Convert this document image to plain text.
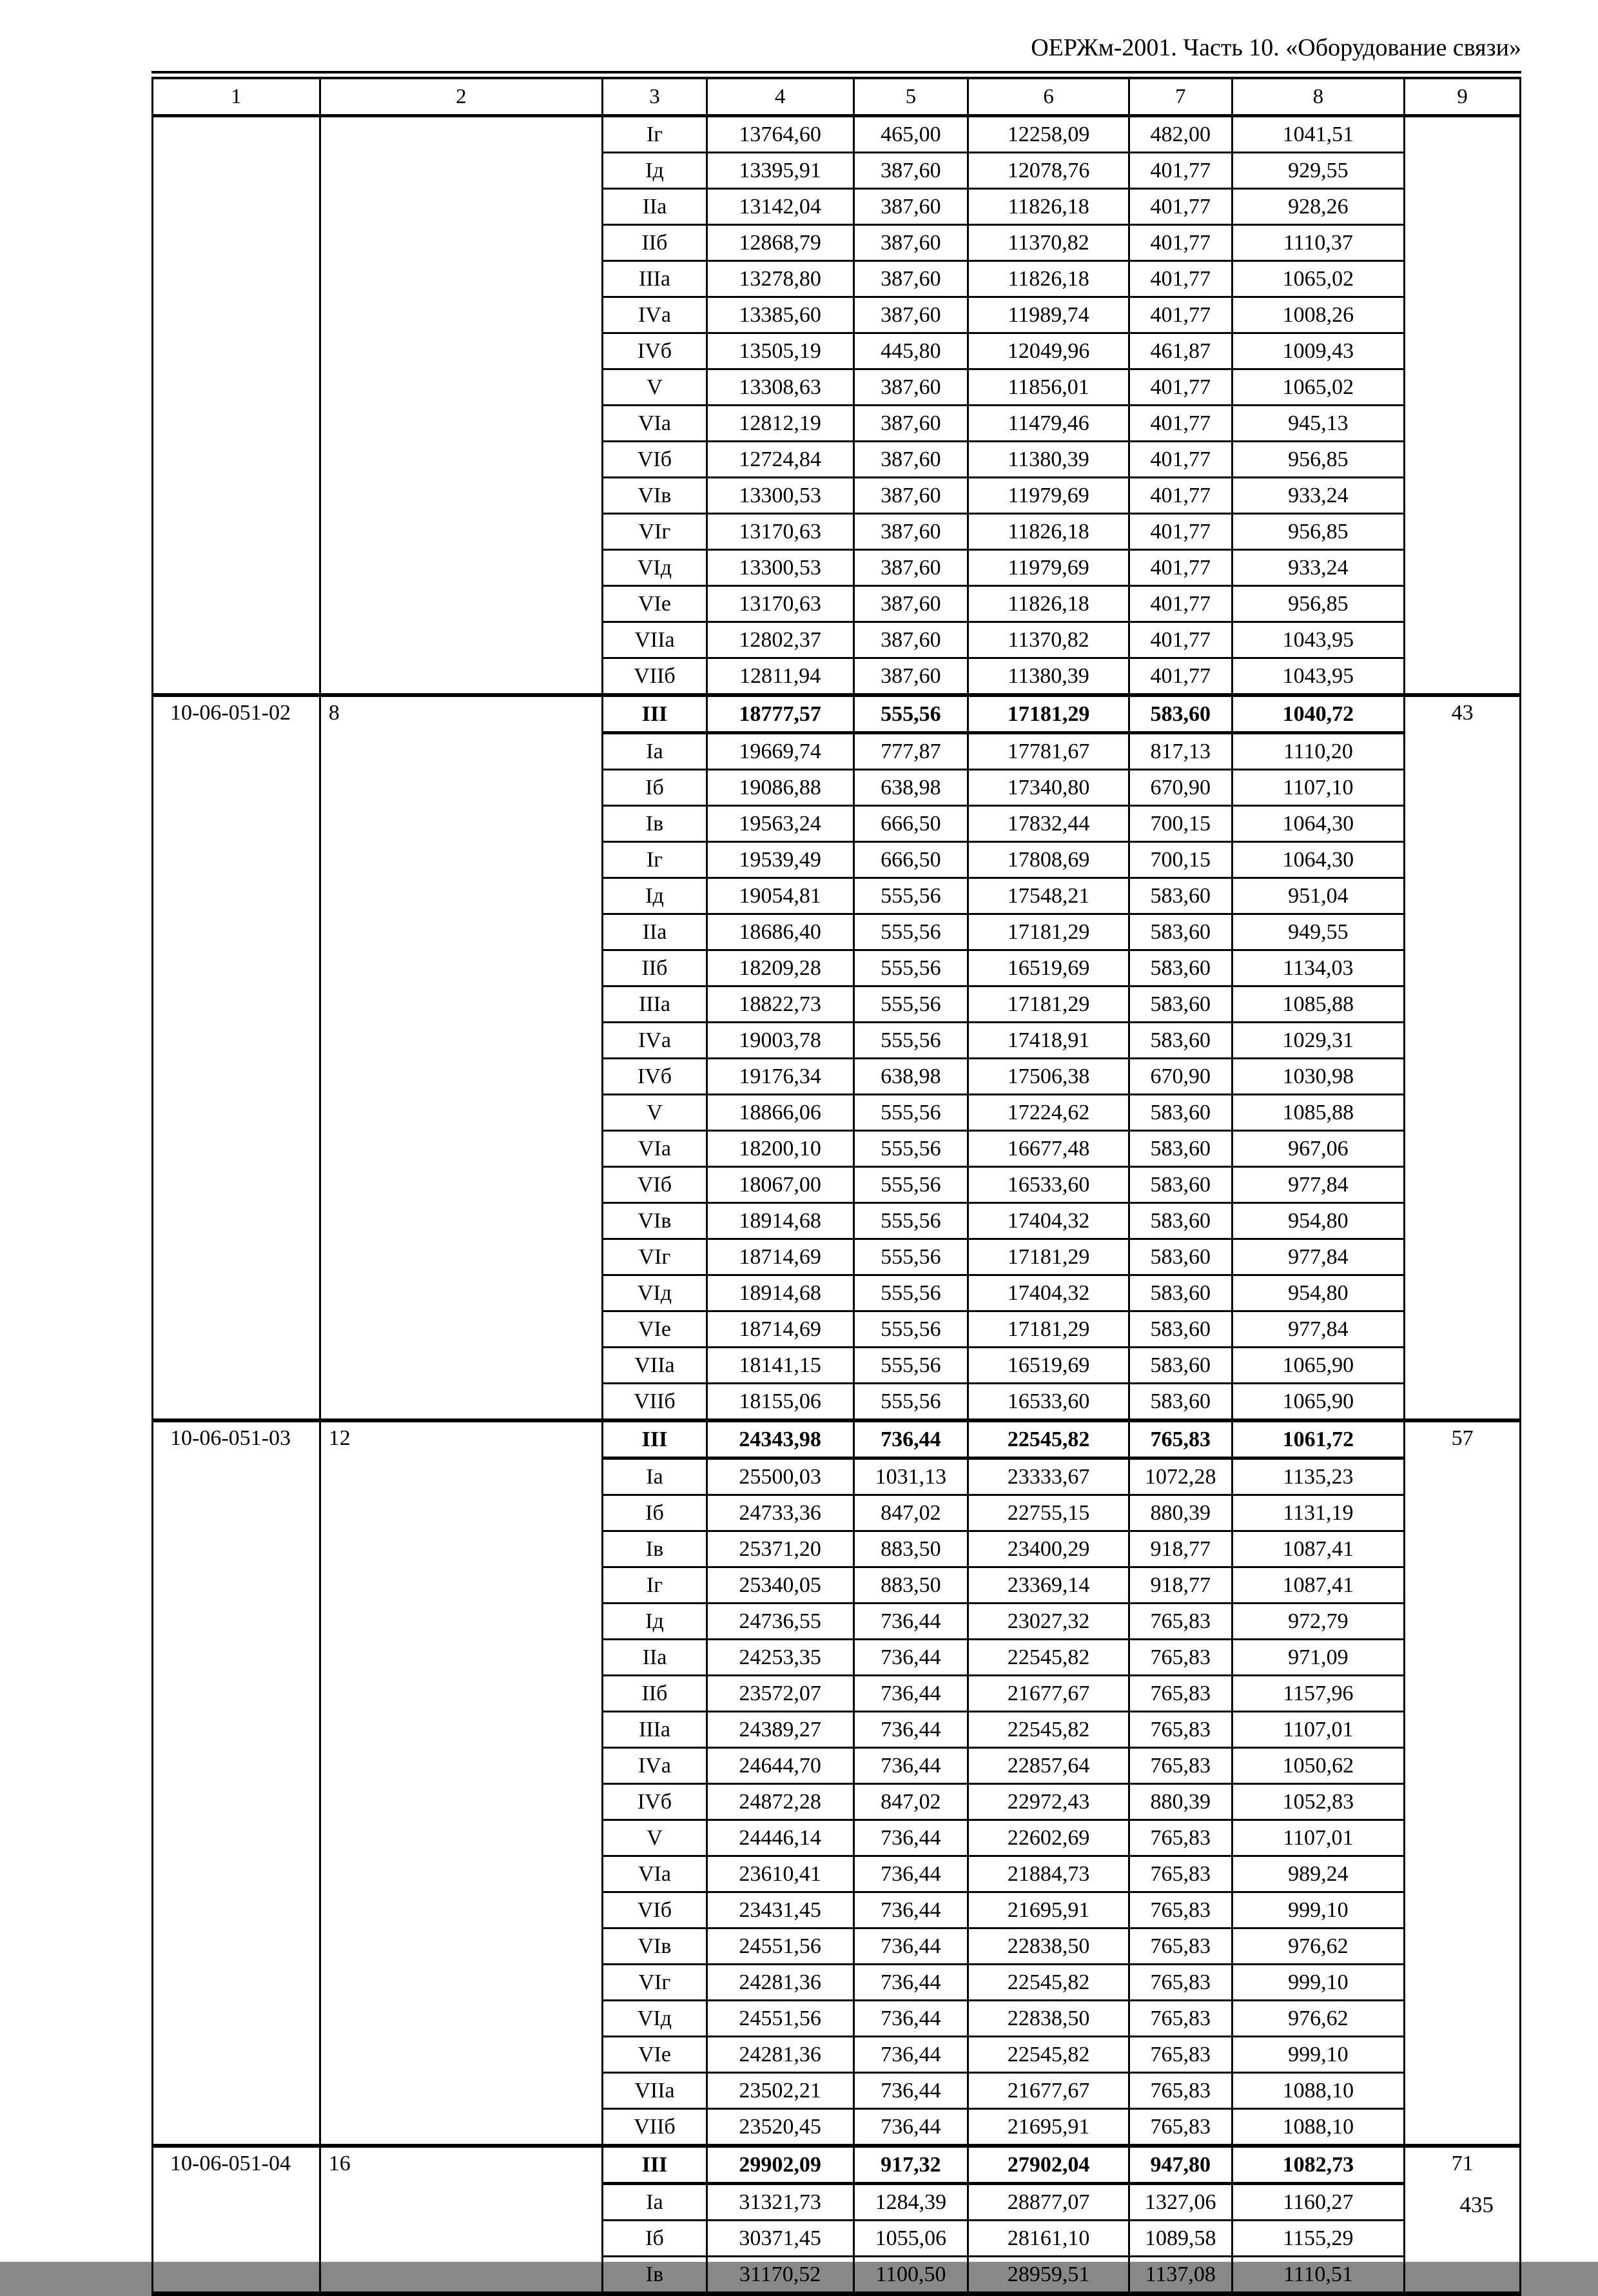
ОЕРЖм-2001. Часть 10. «Оборудование связи»
1	2	3	4	5	6	7	8	9
		Iг	13764,60	465,00	12258,09	482,00	1041,51	
		Iд	13395,91	387,60	12078,76	401,77	929,55	
		IIа	13142,04	387,60	11826,18	401,77	928,26	
		IIб	12868,79	387,60	11370,82	401,77	1110,37	
		IIIа	13278,80	387,60	11826,18	401,77	1065,02	
		IVа	13385,60	387,60	11989,74	401,77	1008,26	
		IVб	13505,19	445,80	12049,96	461,87	1009,43	
		V	13308,63	387,60	11856,01	401,77	1065,02	
		VIа	12812,19	387,60	11479,46	401,77	945,13	
		VIб	12724,84	387,60	11380,39	401,77	956,85	
		VIв	13300,53	387,60	11979,69	401,77	933,24	
		VIг	13170,63	387,60	11826,18	401,77	956,85	
		VIд	13300,53	387,60	11979,69	401,77	933,24	
		VIе	13170,63	387,60	11826,18	401,77	956,85	
		VIIа	12802,37	387,60	11370,82	401,77	1043,95	
		VIIб	12811,94	387,60	11380,39	401,77	1043,95	
10-06-051-02	8	III	18777,57	555,56	17181,29	583,60	1040,72	43
		Iа	19669,74	777,87	17781,67	817,13	1110,20	
		Iб	19086,88	638,98	17340,80	670,90	1107,10	
		Iв	19563,24	666,50	17832,44	700,15	1064,30	
		Iг	19539,49	666,50	17808,69	700,15	1064,30	
		Iд	19054,81	555,56	17548,21	583,60	951,04	
		IIа	18686,40	555,56	17181,29	583,60	949,55	
		IIб	18209,28	555,56	16519,69	583,60	1134,03	
		IIIа	18822,73	555,56	17181,29	583,60	1085,88	
		IVа	19003,78	555,56	17418,91	583,60	1029,31	
		IVб	19176,34	638,98	17506,38	670,90	1030,98	
		V	18866,06	555,56	17224,62	583,60	1085,88	
		VIа	18200,10	555,56	16677,48	583,60	967,06	
		VIб	18067,00	555,56	16533,60	583,60	977,84	
		VIв	18914,68	555,56	17404,32	583,60	954,80	
		VIг	18714,69	555,56	17181,29	583,60	977,84	
		VIд	18914,68	555,56	17404,32	583,60	954,80	
		VIе	18714,69	555,56	17181,29	583,60	977,84	
		VIIа	18141,15	555,56	16519,69	583,60	1065,90	
		VIIб	18155,06	555,56	16533,60	583,60	1065,90	
10-06-051-03	12	III	24343,98	736,44	22545,82	765,83	1061,72	57
		Iа	25500,03	1031,13	23333,67	1072,28	1135,23	
		Iб	24733,36	847,02	22755,15	880,39	1131,19	
		Iв	25371,20	883,50	23400,29	918,77	1087,41	
		Iг	25340,05	883,50	23369,14	918,77	1087,41	
		Iд	24736,55	736,44	23027,32	765,83	972,79	
		IIа	24253,35	736,44	22545,82	765,83	971,09	
		IIб	23572,07	736,44	21677,67	765,83	1157,96	
		IIIа	24389,27	736,44	22545,82	765,83	1107,01	
		IVа	24644,70	736,44	22857,64	765,83	1050,62	
		IVб	24872,28	847,02	22972,43	880,39	1052,83	
		V	24446,14	736,44	22602,69	765,83	1107,01	
		VIа	23610,41	736,44	21884,73	765,83	989,24	
		VIб	23431,45	736,44	21695,91	765,83	999,10	
		VIв	24551,56	736,44	22838,50	765,83	976,62	
		VIг	24281,36	736,44	22545,82	765,83	999,10	
		VIд	24551,56	736,44	22838,50	765,83	976,62	
		VIе	24281,36	736,44	22545,82	765,83	999,10	
		VIIа	23502,21	736,44	21677,67	765,83	1088,10	
		VIIб	23520,45	736,44	21695,91	765,83	1088,10	
10-06-051-04	16	III	29902,09	917,32	27902,04	947,80	1082,73	71
		Iа	31321,73	1284,39	28877,07	1327,06	1160,27	
		Iб	30371,45	1055,06	28161,10	1089,58	1155,29	
		Iв	31170,52	1100,50	28959,51	1137,08	1110,51	
435
